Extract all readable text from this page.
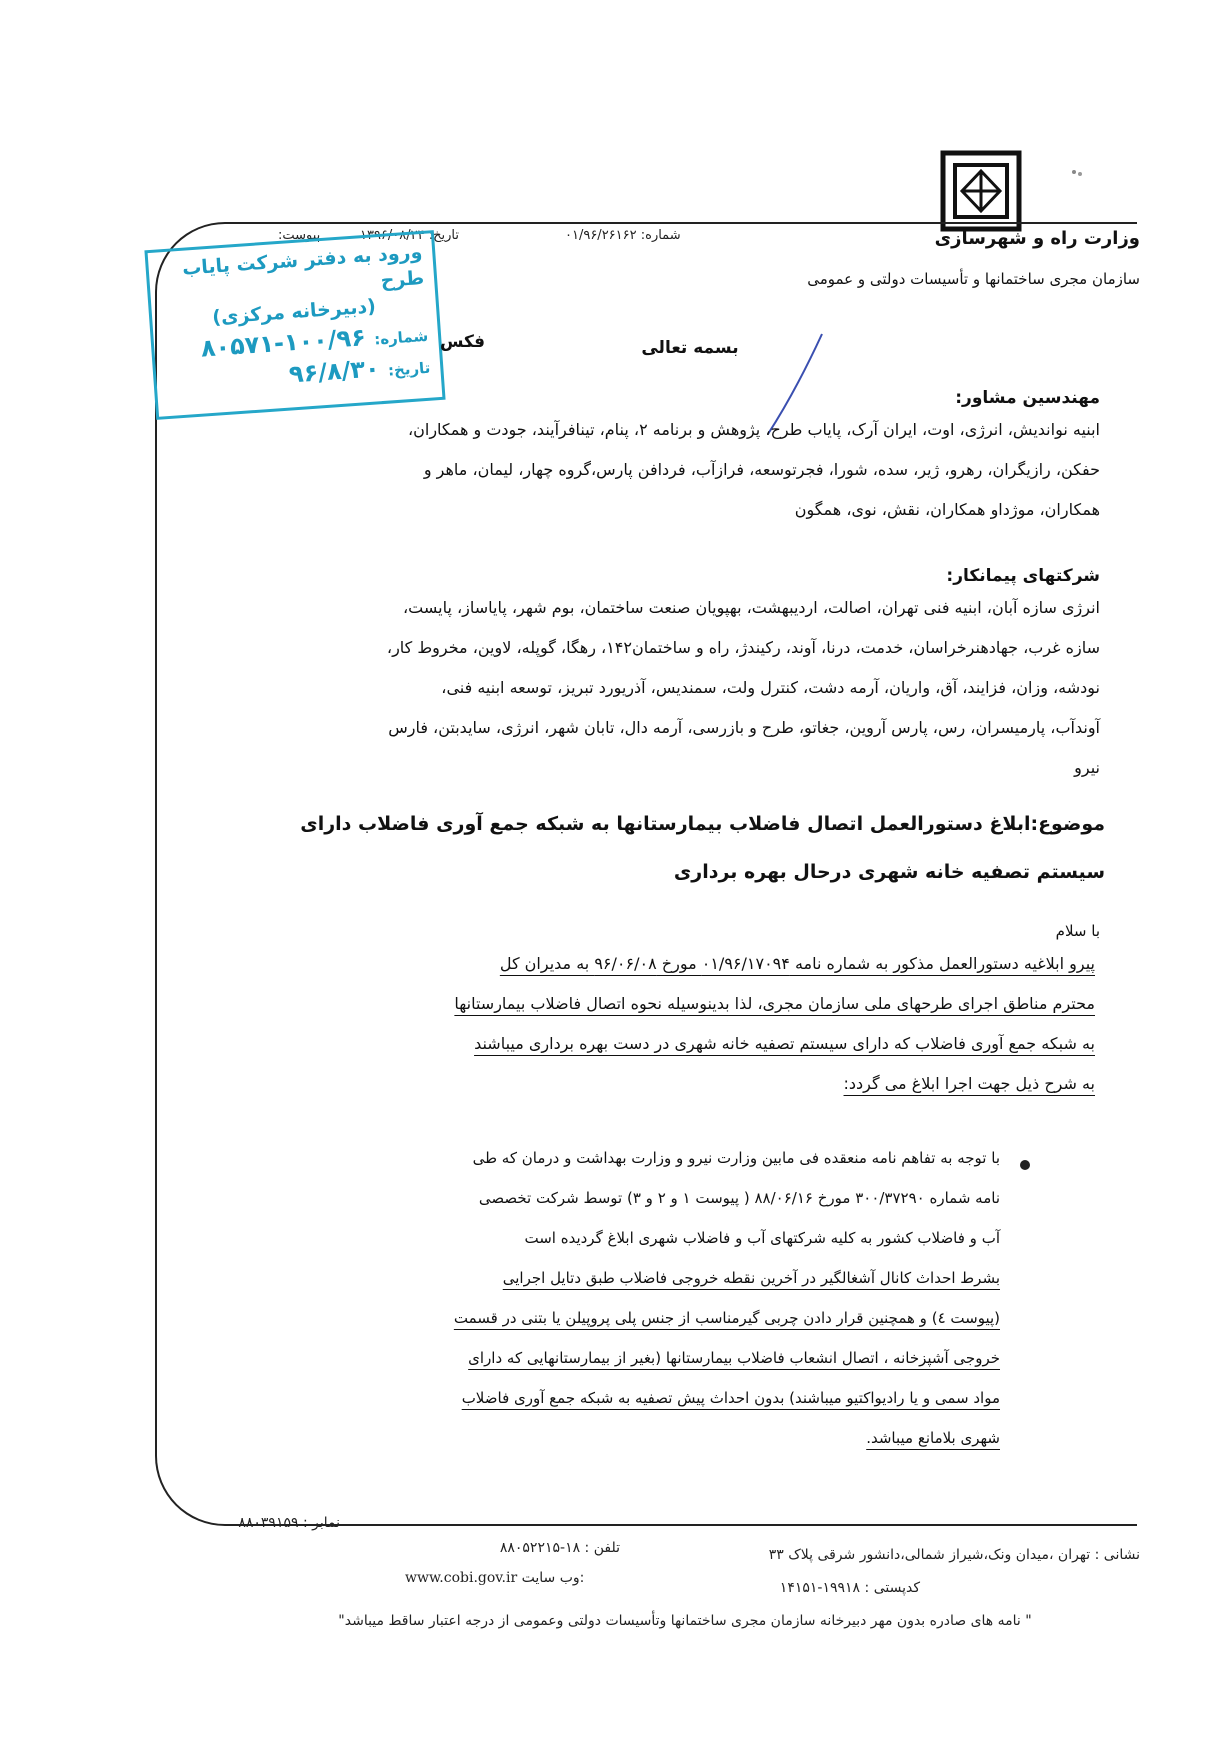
وزارت راه و شهرسازی
سازمان مجری ساختمانها و تأسیسات دولتی و عمومی
شماره: ۰۱/۹۶/۲۶۱۶۲
تاریخ: ۱۳۹۶/۰۸/۲۴
پیوست:
ورود به دفتر شرکت پایاب طرح
(دبیرخانه مرکزی)
شماره: ۱۰۰/۹۶-۸۰۵۷۱
تاریخ: ۹۶/۸/۳۰
فکس	بسمه تعالی
مهندسین مشاور:
ابنیه نواندیش، انرژی، اوت، ایران آرک، پایاب طرح، پژوهش و برنامه ۲، پنام، تینافرآیند، جودت و همکاران،
حفکن، رازیگران، رهرو، ژیر، سده، شورا، فجرتوسعه، فرازآب، فردافن پارس،گروه چهار، لیمان، ماهر و
همکاران، موژداو همکاران، نقش، نوی، همگون
شرکتهای پیمانکار:
انرژی سازه آبان، ابنیه فنی تهران، اصالت، اردیبهشت، بهپویان صنعت ساختمان، بوم شهر، پایاساز، پایست،
سازه غرب، جهادهنرخراسان، خدمت، درنا، آوند، رکیندژ، راه و ساختمان۱۴۲، رهگا، گوپله، لاوین، مخروط کار،
نودشه، وزان، فزایند، آق، واریان، آرمه دشت، کنترل ولت، سمندیس، آذریورد تبریز، توسعه ابنیه فنی،
آوندآب، پارمیسران، رس، پارس آروین، جغاتو، طرح و بازرسی، آرمه دال، تابان شهر، انرژی، سایدبتن، فارس
نیرو
موضوع:ابلاغ دستورالعمل اتصال فاضلاب بیمارستانها به شبکه جمع آوری فاضلاب دارای
سیستم تصفیه خانه شهری درحال بهره برداری
با سلام
پیرو ابلاغیه دستورالعمل مذکور به شماره نامه ۰۱/۹۶/۱۷۰۹۴ مورخ ۹۶/۰۶/۰۸ به مدیران کل
محترم مناطق اجرای طرحهای ملی سازمان مجری، لذا بدینوسیله نحوه اتصال فاضلاب بیمارستانها
به شبکه جمع آوری فاضلاب که دارای سیستم تصفیه خانه شهری در دست بهره برداری میباشند
به شرح ذیل جهت اجرا ابلاغ می گردد:
با توجه به تفاهم نامه منعقده فی مابین وزارت نیرو و وزارت بهداشت و درمان که طی
نامه شماره ۳۰۰/۳۷۲۹۰ مورخ ۸۸/۰۶/۱۶ ( پیوست ۱ و ۲ و ۳) توسط شرکت تخصصی
آب و فاضلاب کشور به کلیه شرکتهای آب و فاضلاب شهری ابلاغ گردیده است
بشرط احداث کانال آشغالگیر در آخرین نقطه خروجی فاضلاب طبق دتایل اجرایی
(پیوست ٤) و همچنین قرار دادن چربی گیرمناسب از جنس پلی پروپیلن یا بتنی در قسمت
خروجی آشپزخانه ، اتصال انشعاب فاضلاب بیمارستانها (بغیر از بیمارستانهایی که دارای
مواد سمی و یا رادیواکتیو میباشند) بدون احداث پیش تصفیه به شبکه جمع آوری فاضلاب
شهری بلامانع میباشد.
نشانی : تهران ،میدان ونک،شیراز شمالی،دانشور شرقی پلاک ۳۳
کدپستی : ۱۹۹۱۸-۱۴۱۵۱
تلفن : ۱۸-۸۸۰۵۲۲۱۵
www.cobi.gov.ir وب سایت:
نمابر : ۸۸۰۳۹۱۵۹
" نامه های صادره بدون مهر دبیرخانه سازمان مجری ساختمانها وتأسیسات دولتی وعمومی از درجه اعتبار ساقط میباشد"
